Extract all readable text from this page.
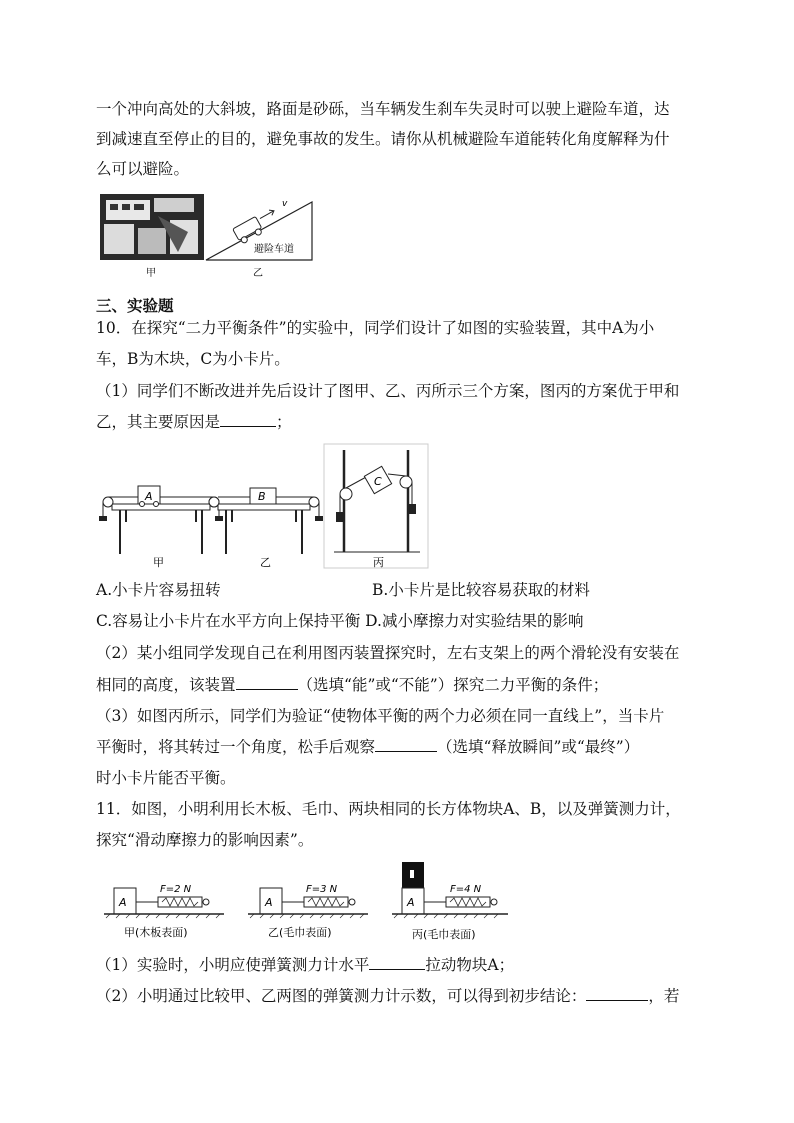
一个冲向高处的大斜坡，路面是砂砾，当车辆发生刹车失灵时可以驶上避险车道，达
到减速直至停止的目的，避免事故的发生。请你从机械避险车道能转化角度解释为什
么可以避险。
甲
v
避险车道
乙
三、实验题
10．在探究“二力平衡条件”的实验中，同学们设计了如图的实验装置，其中A为小
车，B为木块，C为小卡片。
（1）同学们不断改进并先后设计了图甲、乙、丙所示三个方案，图丙的方案优于甲和
乙，其主要原因是	；
A
甲
B
乙
C
丙
A.小卡片容易扭转	B.小卡片是比较容易获取的材料
C.容易让小卡片在水平方向上保持平衡 D.减小摩擦力对实验结果的影响
（2）某小组同学发现自己在利用图丙装置探究时，左右支架上的两个滑轮没有安装在
相同的高度，该装置	（选填“能”或“不能”）探究二力平衡的条件；
（3）如图丙所示，同学们为验证“使物体平衡的两个力必须在同一直线上”，当卡片
平衡时，将其转过一个角度，松手后观察	（选填“释放瞬间”或“最终”）
时小卡片能否平衡。
11．如图，小明利用长木板、毛巾、两块相同的长方体物块A、B，以及弹簧测力计，
探究“滑动摩擦力的影响因素”。
A
F=2 N
甲(木板表面)
A
F=3 N
乙(毛巾表面)
A
F=4 N
丙(毛巾表面)
（1）实验时，小明应使弹簧测力计水平	拉动物块A；
（2）小明通过比较甲、乙两图的弹簧测力计示数，可以得到初步结论：	，若
